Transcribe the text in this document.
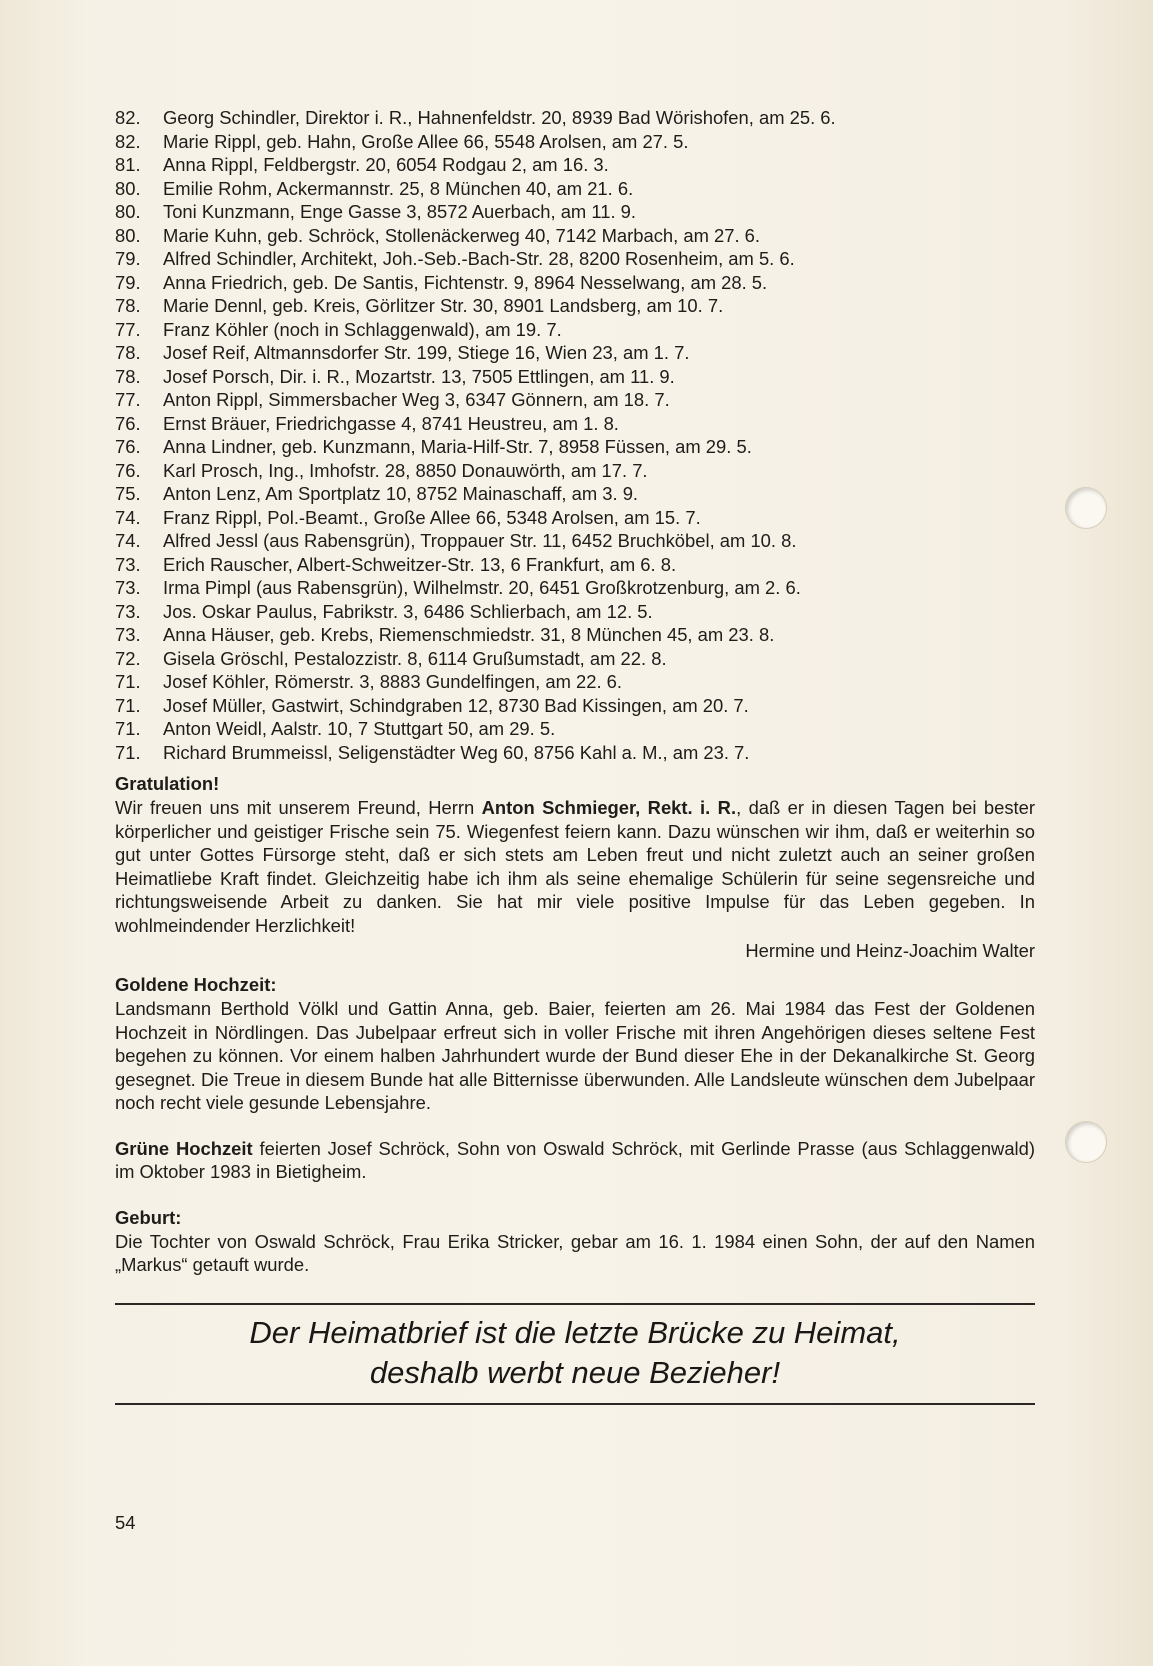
82.	Georg Schindler, Direktor i. R., Hahnenfeldstr. 20, 8939 Bad Wörishofen, am 25. 6.
82.	Marie Rippl, geb. Hahn, Große Allee 66, 5548 Arolsen, am 27. 5.
81.	Anna Rippl, Feldbergstr. 20, 6054 Rodgau 2, am 16. 3.
80.	Emilie Rohm, Ackermannstr. 25, 8 München 40, am 21. 6.
80.	Toni Kunzmann, Enge Gasse 3, 8572 Auerbach, am 11. 9.
80.	Marie Kuhn, geb. Schröck, Stollenäckerweg 40, 7142 Marbach, am 27. 6.
79.	Alfred Schindler, Architekt, Joh.-Seb.-Bach-Str. 28, 8200 Rosenheim, am 5. 6.
79.	Anna Friedrich, geb. De Santis, Fichtenstr. 9, 8964 Nesselwang, am 28. 5.
78.	Marie Dennl, geb. Kreis, Görlitzer Str. 30, 8901 Landsberg, am 10. 7.
77.	Franz Köhler (noch in Schlaggenwald), am 19. 7.
78.	Josef Reif, Altmannsdorfer Str. 199, Stiege 16, Wien 23, am 1. 7.
78.	Josef Porsch, Dir. i. R., Mozartstr. 13, 7505 Ettlingen, am 11. 9.
77.	Anton Rippl, Simmersbacher Weg 3, 6347 Gönnern, am 18. 7.
76.	Ernst Bräuer, Friedrichgasse 4, 8741 Heustreu, am 1. 8.
76.	Anna Lindner, geb. Kunzmann, Maria-Hilf-Str. 7, 8958 Füssen, am 29. 5.
76.	Karl Prosch, Ing., Imhofstr. 28, 8850 Donauwörth, am 17. 7.
75.	Anton Lenz, Am Sportplatz 10, 8752 Mainaschaff, am 3. 9.
74.	Franz Rippl, Pol.-Beamt., Große Allee 66, 5348 Arolsen, am 15. 7.
74.	Alfred Jessl (aus Rabensgrün), Troppauer Str. 11, 6452 Bruchköbel, am 10. 8.
73.	Erich Rauscher, Albert-Schweitzer-Str. 13, 6 Frankfurt, am 6. 8.
73.	Irma Pimpl (aus Rabensgrün), Wilhelmstr. 20, 6451 Großkrotzenburg, am 2. 6.
73.	Jos. Oskar Paulus, Fabrikstr. 3, 6486 Schlierbach, am 12. 5.
73.	Anna Häuser, geb. Krebs, Riemenschmiedstr. 31, 8 München 45, am 23. 8.
72.	Gisela Gröschl, Pestalozzistr. 8, 6114 Grußumstadt, am 22. 8.
71.	Josef Köhler, Römerstr. 3, 8883 Gundelfingen, am 22. 6.
71.	Josef Müller, Gastwirt, Schindgraben 12, 8730 Bad Kissingen, am 20. 7.
71.	Anton Weidl, Aalstr. 10, 7 Stuttgart 50, am 29. 5.
71.	Richard Brummeissl, Seligenstädter Weg 60, 8756 Kahl a. M., am 23. 7.
Gratulation!

Wir freuen uns mit unserem Freund, Herrn Anton Schmieger, Rekt. i. R., daß er in diesen Tagen bei bester körperlicher und geistiger Frische sein 75. Wiegenfest feiern kann. Dazu wünschen wir ihm, daß er weiterhin so gut unter Gottes Fürsorge steht, daß er sich stets am Leben freut und nicht zuletzt auch an seiner großen Heimatliebe Kraft findet. Gleichzeitig habe ich ihm als seine ehemalige Schülerin für seine segensreiche und richtungsweisende Arbeit zu danken. Sie hat mir viele positive Impulse für das Leben gegeben. In wohlmeindender Herzlichkeit!

Hermine und Heinz-Joachim Walter
Goldene Hochzeit:

Landsmann Berthold Völkl und Gattin Anna, geb. Baier, feierten am 26. Mai 1984 das Fest der Goldenen Hochzeit in Nördlingen. Das Jubelpaar erfreut sich in voller Frische mit ihren Angehörigen dieses seltene Fest begehen zu können. Vor einem halben Jahrhundert wurde der Bund dieser Ehe in der Dekanalkirche St. Georg gesegnet. Die Treue in diesem Bunde hat alle Bitternisse überwunden. Alle Landsleute wünschen dem Jubelpaar noch recht viele gesunde Lebensjahre.

Grüne Hochzeit feierten Josef Schröck, Sohn von Oswald Schröck, mit Gerlinde Prasse (aus Schlaggenwald) im Oktober 1983 in Bietigheim.

Geburt:

Die Tochter von Oswald Schröck, Frau Erika Stricker, gebar am 16. 1. 1984 einen Sohn, der auf den Namen „Markus“ getauft wurde.

Der Heimatbrief ist die letzte Brücke zu Heimat,
deshalb werbt neue Bezieher!
54
